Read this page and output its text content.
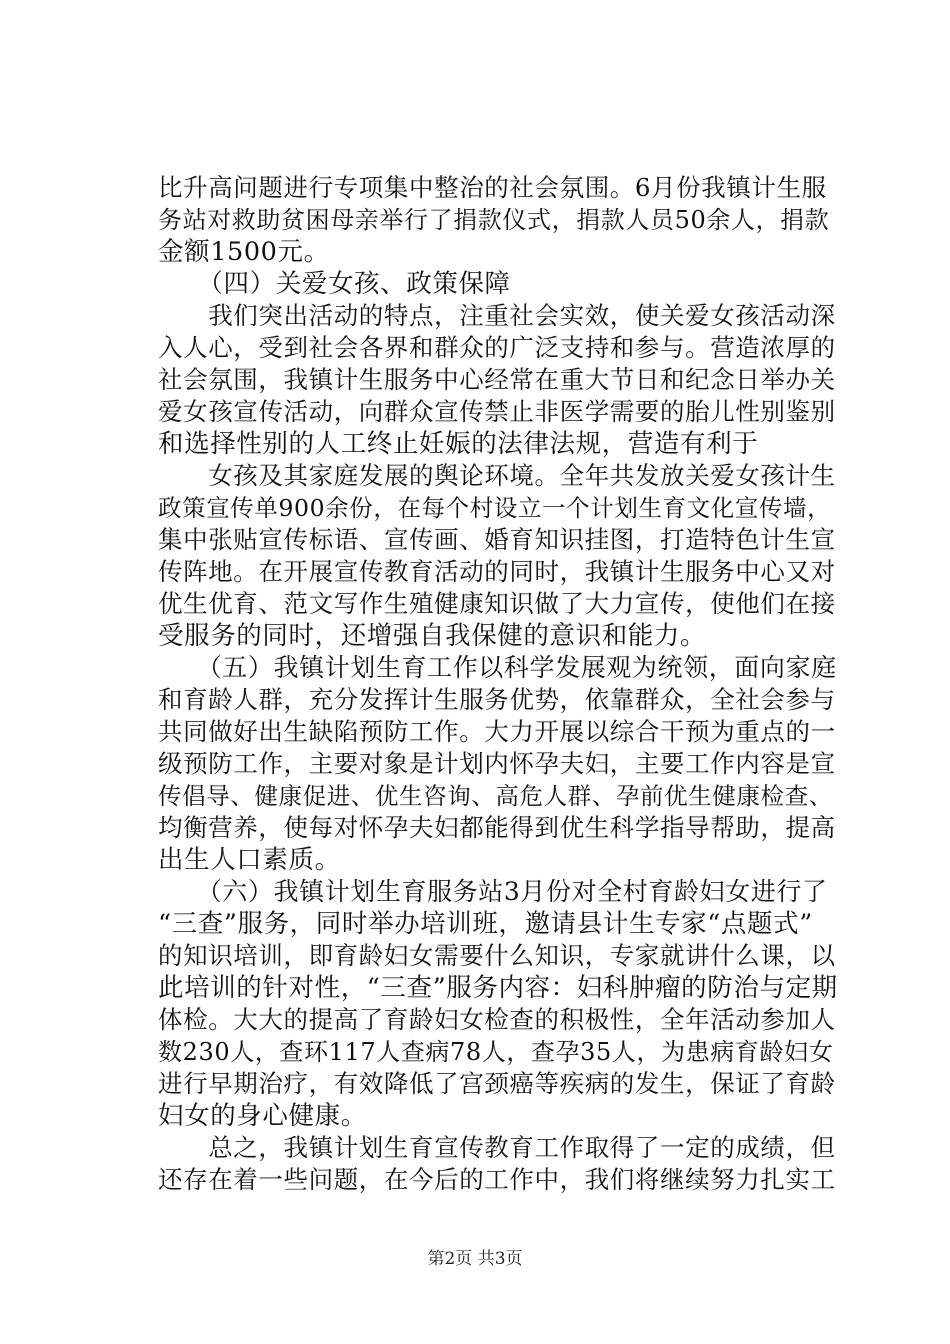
比升高问题进行专项集中整治的社会氛围。6月份我镇计生服
务站对救助贫困母亲举行了捐款仪式，捐款人员50余人，捐款
金额1500元。
　　（四）关爱女孩、政策保障
　　我们突出活动的特点，注重社会实效，使关爱女孩活动深
入人心，受到社会各界和群众的广泛支持和参与。营造浓厚的
社会氛围，我镇计生服务中心经常在重大节日和纪念日举办关
爱女孩宣传活动，向群众宣传禁止非医学需要的胎儿性别鉴别
和选择性别的人工终止妊娠的法律法规，营造有利于
　　女孩及其家庭发展的舆论环境。全年共发放关爱女孩计生
政策宣传单900余份，在每个村设立一个计划生育文化宣传墙，
集中张贴宣传标语、宣传画、婚育知识挂图，打造特色计生宣
传阵地。在开展宣传教育活动的同时，我镇计生服务中心又对
优生优育、范文写作生殖健康知识做了大力宣传，使他们在接
受服务的同时，还增强自我保健的意识和能力。
　　（五）我镇计划生育工作以科学发展观为统领，面向家庭
和育龄人群，充分发挥计生服务优势，依靠群众，全社会参与
共同做好出生缺陷预防工作。大力开展以综合干预为重点的一
级预防工作，主要对象是计划内怀孕夫妇，主要工作内容是宣
传倡导、健康促进、优生咨询、高危人群、孕前优生健康检查、
均衡营养，使每对怀孕夫妇都能得到优生科学指导帮助，提高
出生人口素质。
　　（六）我镇计划生育服务站3月份对全村育龄妇女进行了
“三查”服务，同时举办培训班，邀请县计生专家“点题式”
的知识培训，即育龄妇女需要什么知识，专家就讲什么课，以
此培训的针对性，“三查”服务内容：妇科肿瘤的防治与定期
体检。大大的提高了育龄妇女检查的积极性，全年活动参加人
数230人，查环117人查病78人，查孕35人，为患病育龄妇女
进行早期治疗，有效降低了宫颈癌等疾病的发生，保证了育龄
妇女的身心健康。
　　总之，我镇计划生育宣传教育工作取得了一定的成绩，但
还存在着一些问题，在今后的工作中，我们将继续努力扎实工
第2页 共3页
